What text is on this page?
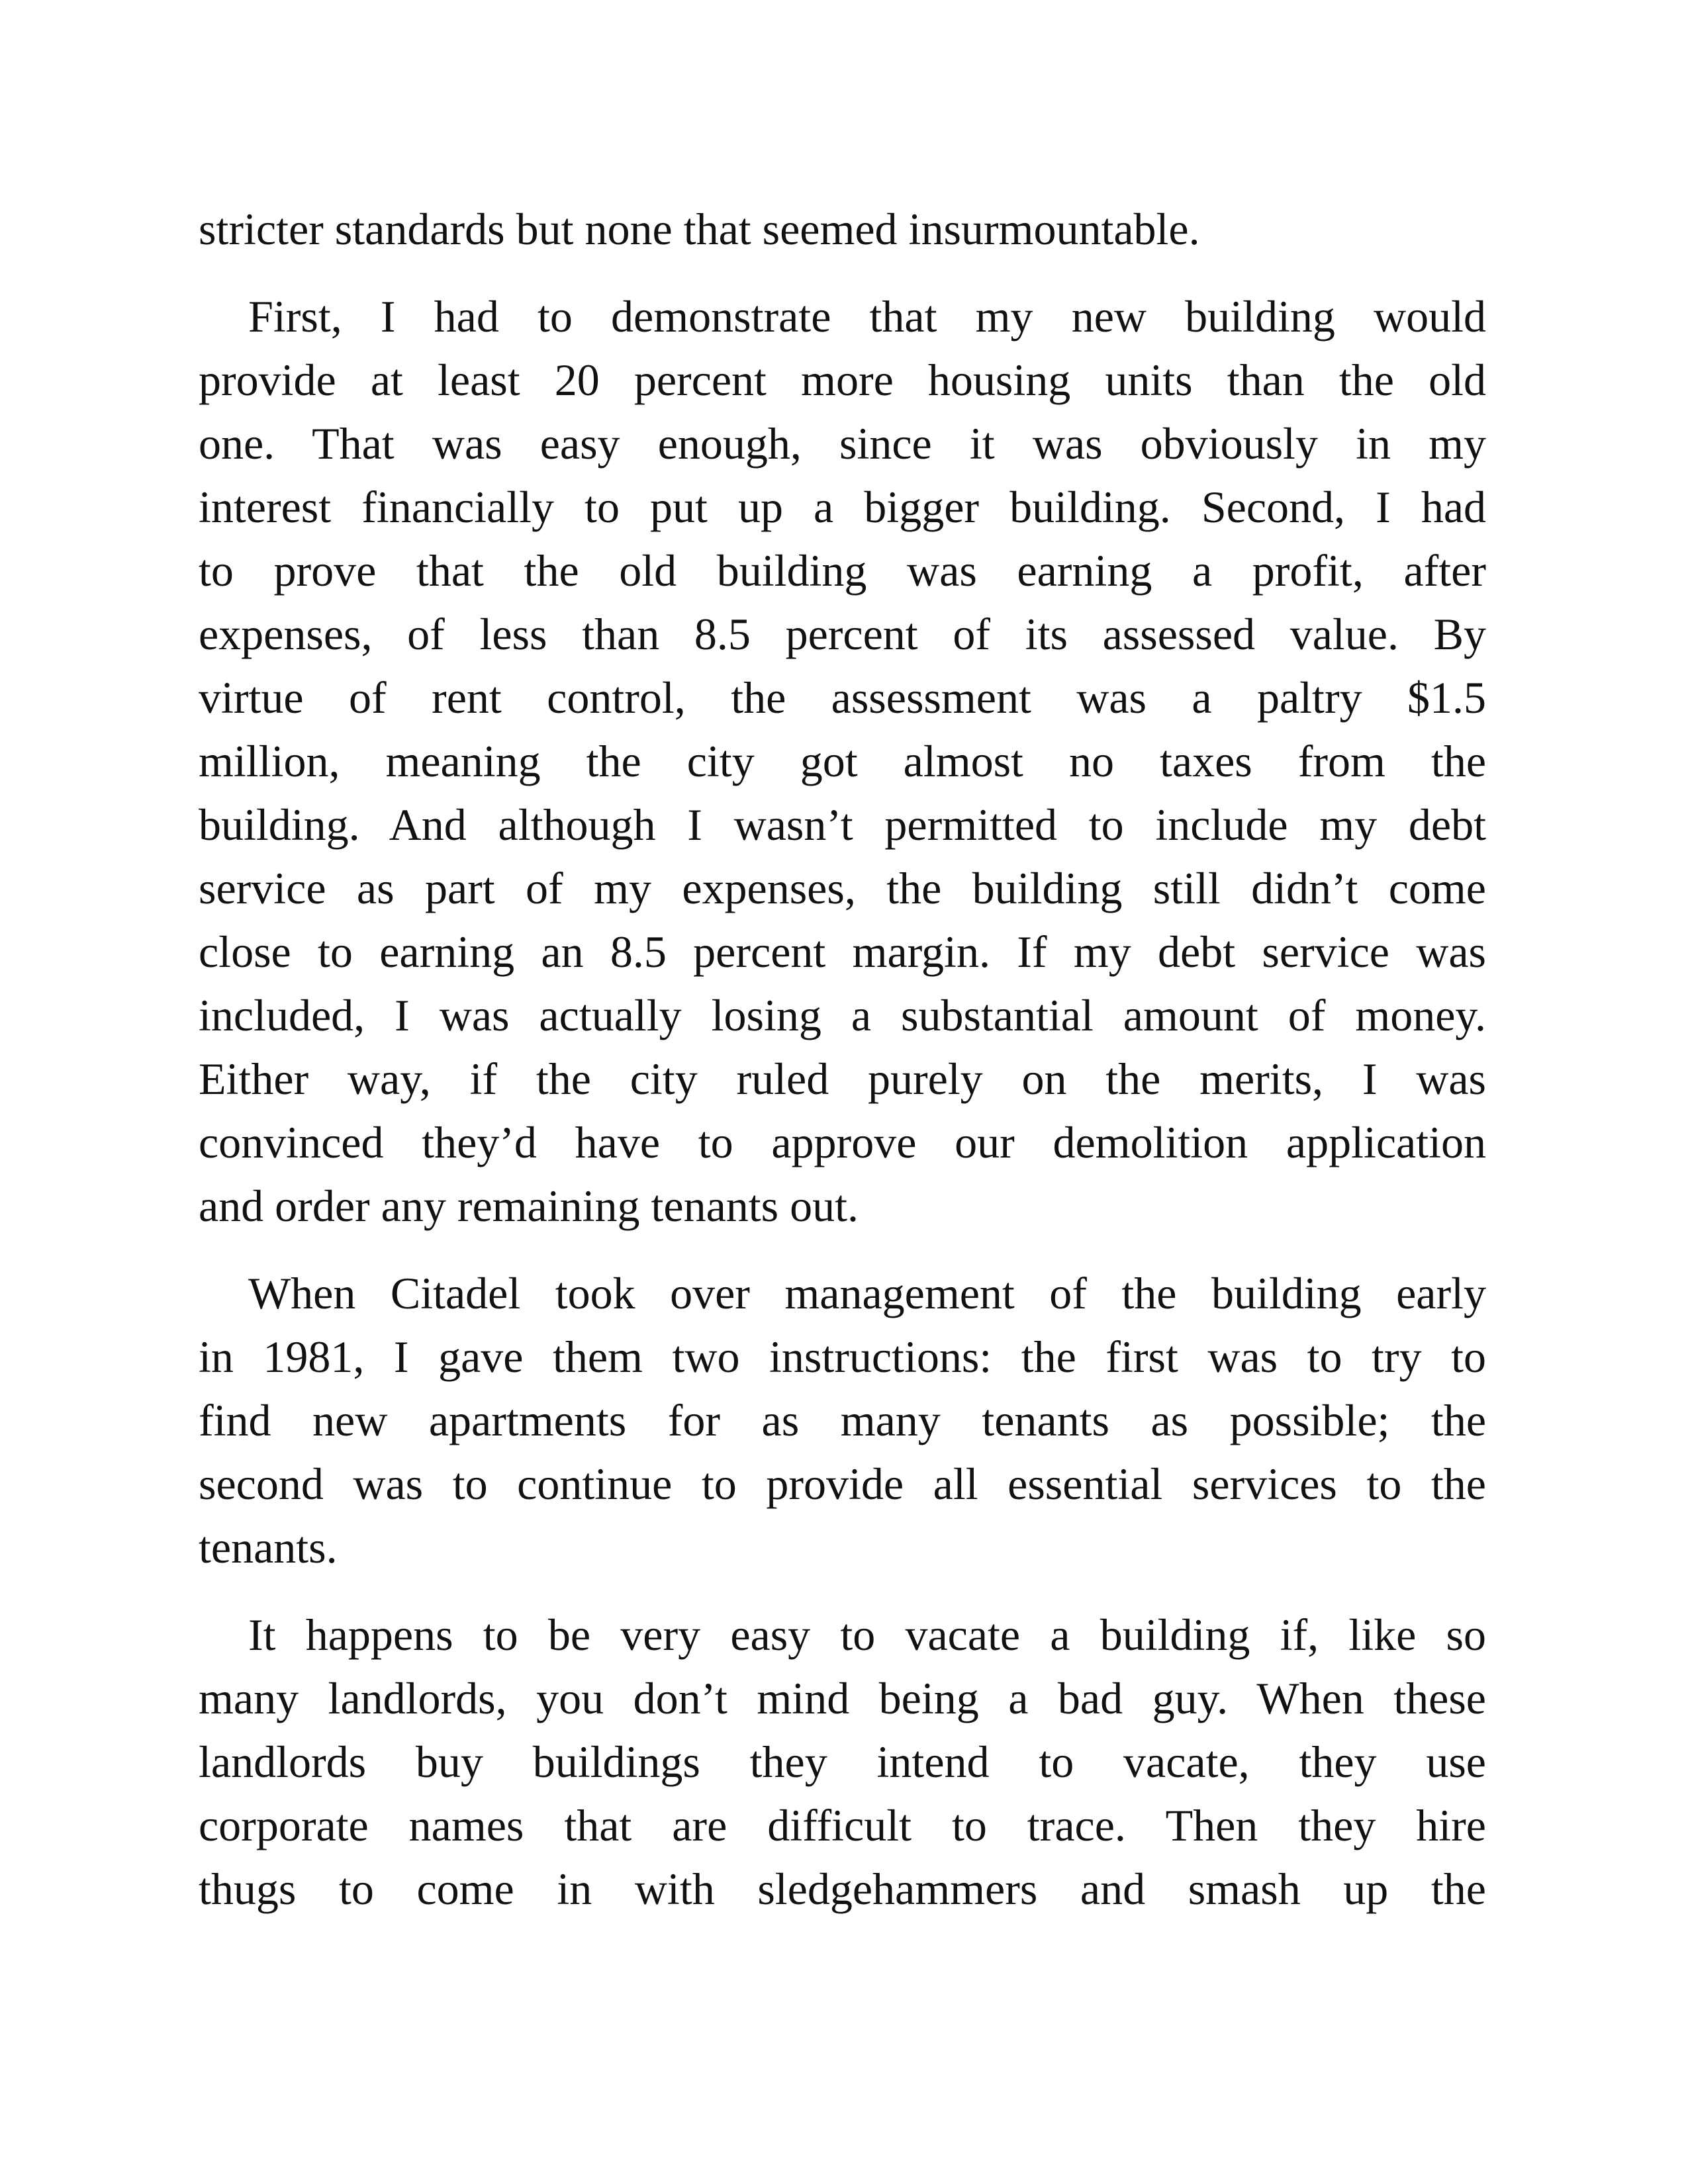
stricter standards but none that seemed insurmountable.

First, I had to demonstrate that my new building would
provide at least 20 percent more housing units than the old
one. That was easy enough, since it was obviously in my
interest financially to put up a bigger building. Second, I had
to prove that the old building was earning a profit, after
expenses, of less than 8.5 percent of its assessed value. By
virtue of rent control, the assessment was a paltry $1.5
million, meaning the city got almost no taxes from the
building. And although I wasn’t permitted to include my debt
service as part of my expenses, the building still didn’t come
close to earning an 8.5 percent margin. If my debt service was
included, I was actually losing a substantial amount of money.
Either way, if the city ruled purely on the merits, I was
convinced they’d have to approve our demolition application
and order any remaining tenants out.

When Citadel took over management of the building early
in 1981, I gave them two instructions: the first was to try to
find new apartments for as many tenants as possible; the
second was to continue to provide all essential services to the
tenants.

It happens to be very easy to vacate a building if, like so
many landlords, you don’t mind being a bad guy. When these
landlords buy buildings they intend to vacate, they use
corporate names that are difficult to trace. Then they hire
thugs to come in with sledgehammers and smash up the
